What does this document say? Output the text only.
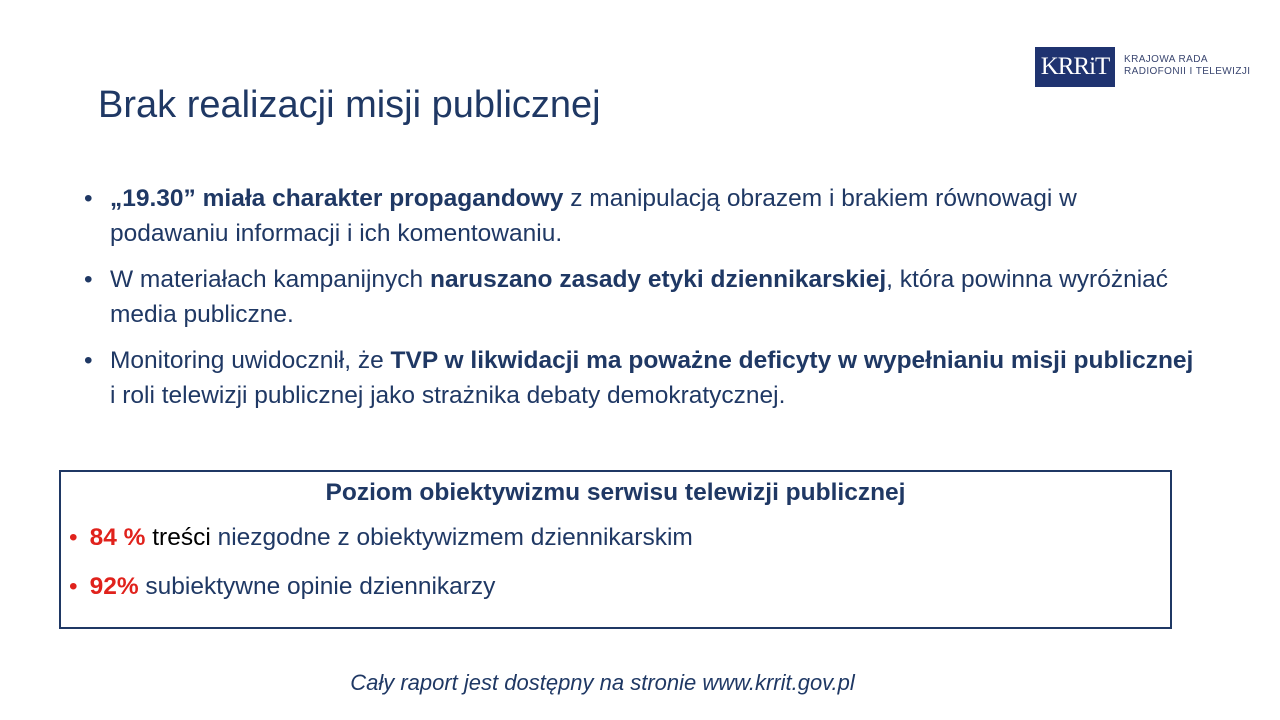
KRRiT	KRAJOWA RADA
RADIOFONII I TELEWIZJI
Brak realizacji misji publicznej
• „19.30” miała charakter propagandowy z manipulacją obrazem i brakiem równowagi w podawaniu informacji i ich komentowaniu.
• W materiałach kampanijnych naruszano zasady etyki dziennikarskiej, która powinna wyróżniać media publiczne.
• Monitoring uwidocznił, że TVP w likwidacji ma poważne deficyty w wypełnianiu misji publicznej i roli telewizji publicznej jako strażnika debaty demokratycznej.
Poziom obiektywizmu serwisu telewizji publicznej
• 84 % treści niezgodne z obiektywizmem dziennikarskim
• 92% subiektywne opinie dziennikarzy
Cały raport jest dostępny na stronie www.krrit.gov.pl
